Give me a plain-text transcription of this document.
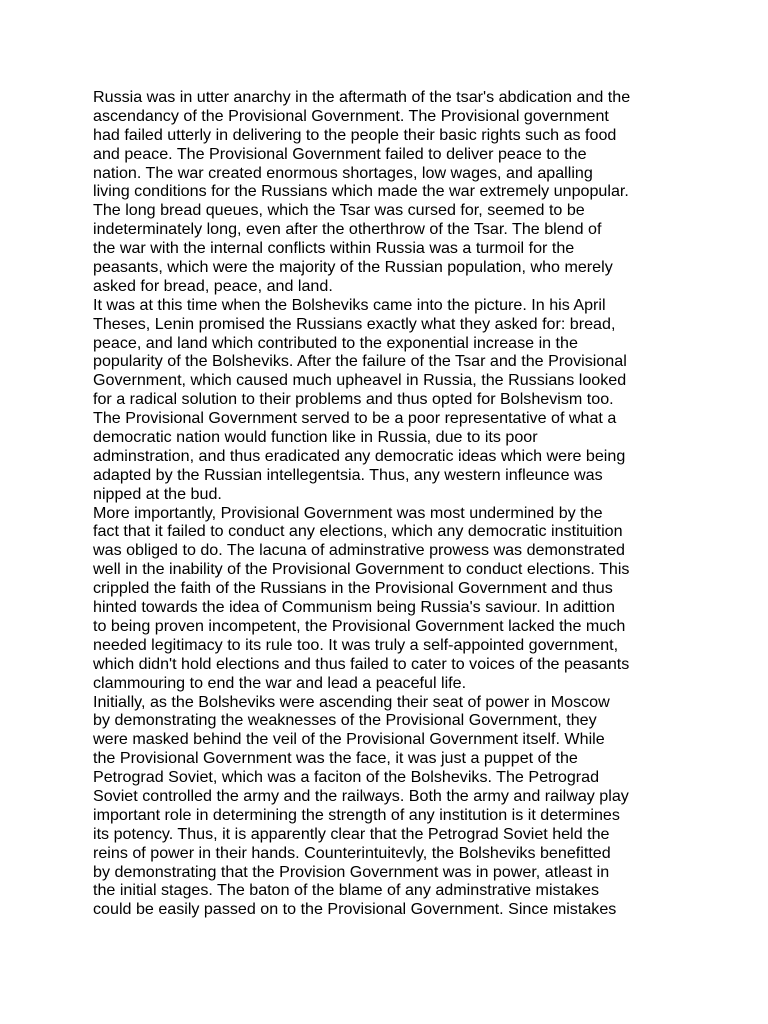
Russia was in utter anarchy in the aftermath of the tsar's abdication and the
ascendancy of the Provisional Government. The Provisional government
had failed utterly in delivering to the people their basic rights such as food
and peace. The Provisional Government failed to deliver peace to the
nation. The war created enormous shortages, low wages, and apalling
living conditions for the Russians which made the war extremely unpopular.
The long bread queues, which the Tsar was cursed for, seemed to be
indeterminately long, even after the otherthrow of the Tsar. The blend of
the war with the internal conflicts within Russia was a turmoil for the
peasants, which were the majority of the Russian population, who merely
asked for bread, peace, and land.
It was at this time when the Bolsheviks came into the picture. In his April
Theses, Lenin promised the Russians exactly what they asked for: bread,
peace, and land which contributed to the exponential increase in the
popularity of the Bolsheviks. After the failure of the Tsar and the Provisional
Government, which caused much upheavel in Russia, the Russians looked
for a radical solution to their problems and thus opted for Bolshevism too.
The Provisional Government served to be a poor representative of what a
democratic nation would function like in Russia, due to its poor
adminstration, and thus eradicated any democratic ideas which were being
adapted by the Russian intellegentsia. Thus, any western infleunce was
nipped at the bud.
More importantly, Provisional Government was most undermined by the
fact that it failed to conduct any elections, which any democratic instituition
was obliged to do. The lacuna of adminstrative prowess was demonstrated
well in the inability of the Provisional Government to conduct elections. This
crippled the faith of the Russians in the Provisional Government and thus
hinted towards the idea of Communism being Russia's saviour. In adittion
to being proven incompetent, the Provisional Government lacked the much
needed legitimacy to its rule too. It was truly a self-appointed government,
which didn't hold elections and thus failed to cater to voices of the peasants
clammouring to end the war and lead a peaceful life.
Initially, as the Bolsheviks were ascending their seat of power in Moscow
by demonstrating the weaknesses of the Provisional Government, they
were masked behind the veil of the Provisional Government itself. While
the Provisional Government was the face, it was just a puppet of the
Petrograd Soviet, which was a faciton of the Bolsheviks. The Petrograd
Soviet controlled the army and the railways. Both the army and railway play
important role in determining the strength of any institution is it determines
its potency. Thus, it is apparently clear that the Petrograd Soviet held the
reins of power in their hands. Counterintuitevly, the Bolsheviks benefitted
by demonstrating that the Provision Government was in power, atleast in
the initial stages. The baton of the blame of any adminstrative mistakes
could be easily passed on to the Provisional Government. Since mistakes
